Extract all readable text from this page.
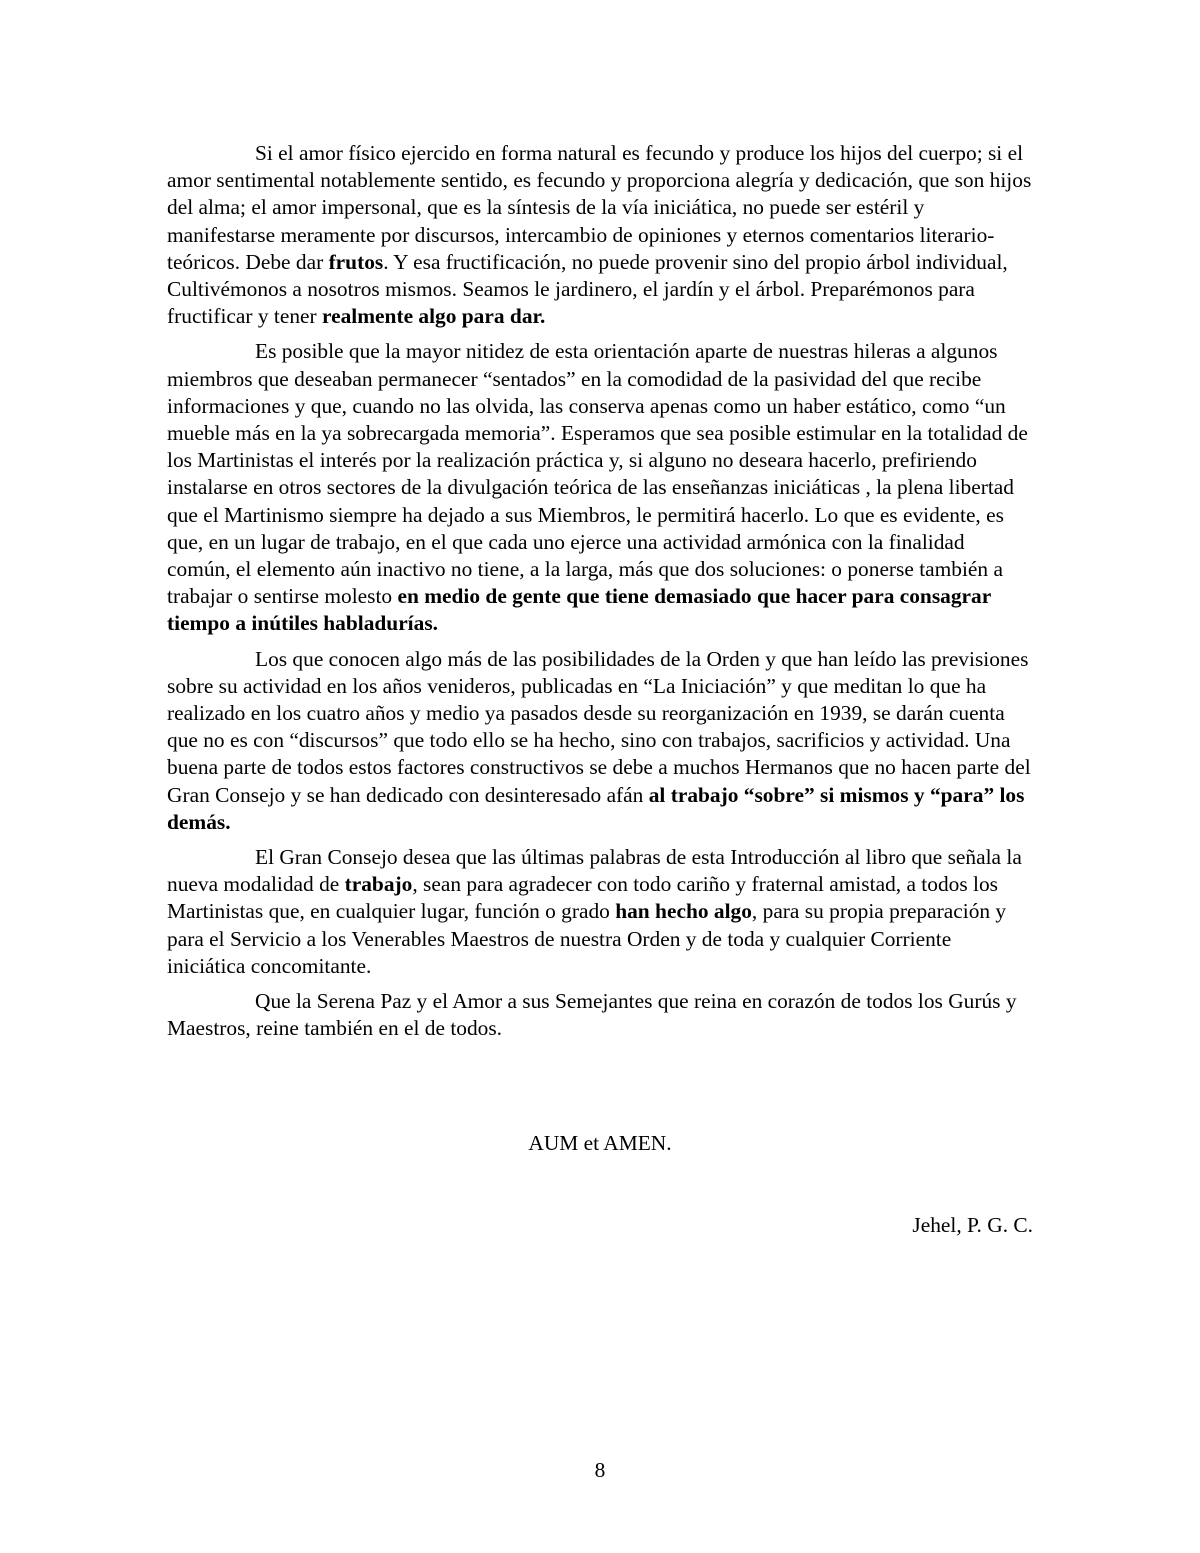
Si el amor físico ejercido en forma natural es fecundo y produce los hijos del cuerpo; si el amor sentimental notablemente sentido, es fecundo y proporciona alegría y dedicación, que son hijos del alma; el amor impersonal, que es la síntesis de la vía iniciática, no puede ser estéril y manifestarse meramente por discursos, intercambio de opiniones y eternos comentarios literario-teóricos. Debe dar frutos. Y esa fructificación, no puede provenir sino del propio árbol individual, Cultivémonos a nosotros mismos. Seamos le jardinero, el jardín y el árbol. Preparémonos para fructificar y tener realmente algo para dar.

Es posible que la mayor nitidez de esta orientación aparte de nuestras hileras a algunos miembros que deseaban permanecer “sentados” en la comodidad de la pasividad del que recibe informaciones y que, cuando no las olvida, las conserva apenas como un haber estático, como “un mueble más en la ya sobrecargada memoria”. Esperamos que sea posible estimular en la totalidad de los Martinistas el interés por la realización práctica y, si alguno no deseara hacerlo, prefiriendo instalarse en otros sectores de la divulgación teórica de las enseñanzas iniciáticas , la plena libertad que el Martinismo siempre ha dejado a sus Miembros, le permitirá hacerlo. Lo que es evidente, es que, en un lugar de trabajo, en el que cada uno ejerce una actividad armónica con la finalidad común, el elemento aún inactivo no tiene, a la larga, más que dos soluciones: o ponerse también a trabajar o sentirse molesto en medio de gente que tiene demasiado que hacer para consagrar tiempo a inútiles habladurías.

Los que conocen algo más de las posibilidades de la Orden y que han leído las previsiones sobre su actividad en los años venideros, publicadas en “La Iniciación” y que meditan lo que ha realizado en los cuatro años y medio ya pasados desde su reorganización en 1939, se darán cuenta que no es con “discursos” que todo ello se ha hecho, sino con trabajos, sacrificios y actividad. Una buena parte de todos estos factores constructivos se debe a muchos Hermanos que no hacen parte del Gran Consejo y se han dedicado con desinteresado afán al trabajo “sobre” si mismos y “para” los demás.

El Gran Consejo desea que las últimas palabras de esta Introducción al libro que señala la nueva modalidad de trabajo, sean para agradecer con todo cariño y fraternal amistad, a todos los Martinistas que, en cualquier lugar, función o grado han hecho algo, para su propia preparación y para el Servicio a los Venerables Maestros de nuestra Orden y de toda y cualquier Corriente iniciática concomitante.

Que la Serena Paz y el Amor a sus Semejantes que reina en corazón de todos los Gurús y Maestros, reine también en el de todos.

AUM et AMEN.
Jehel, P. G. C.
8
